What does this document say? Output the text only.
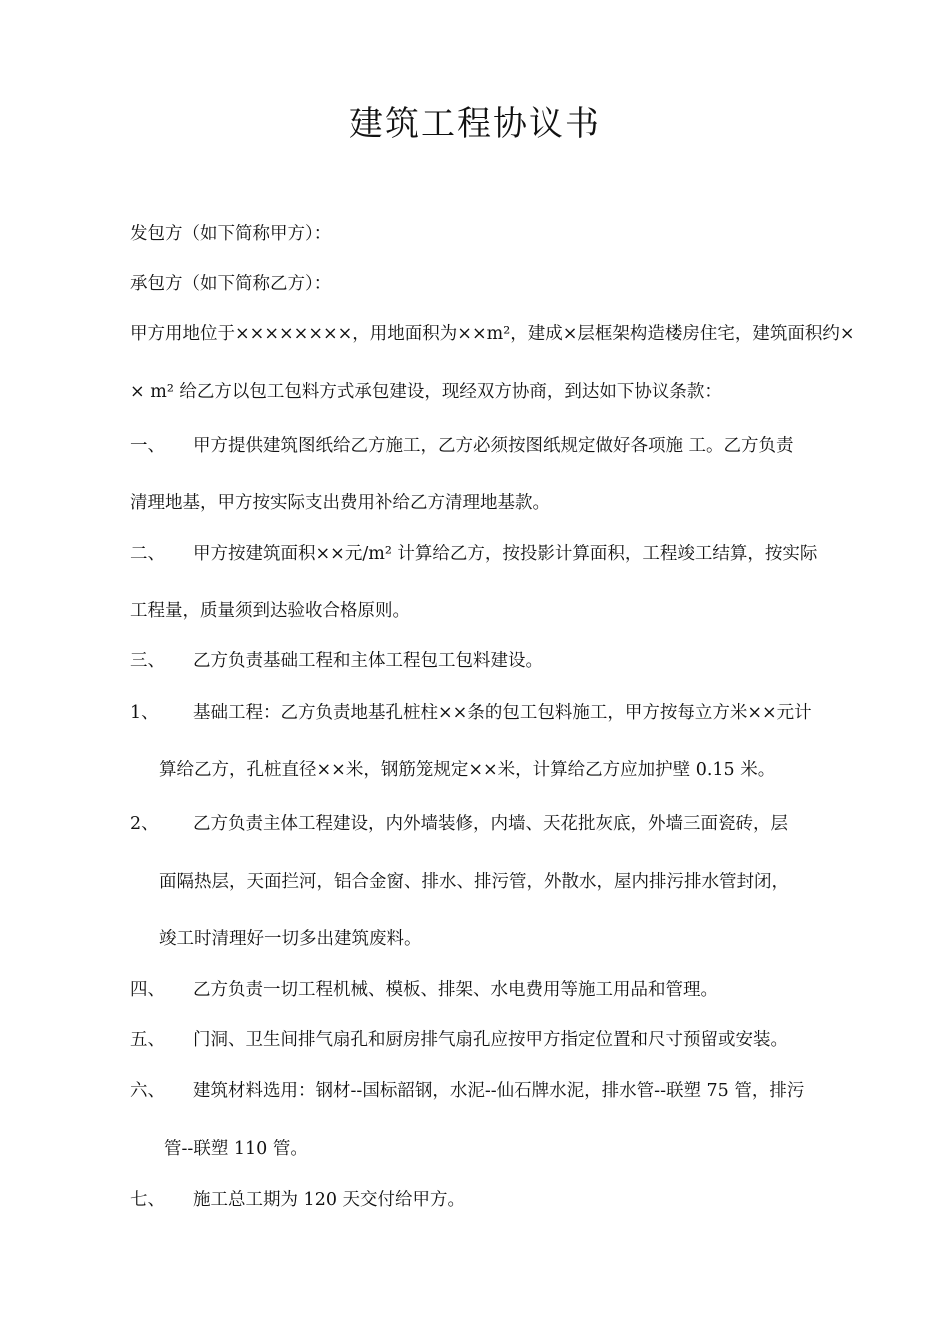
建筑工程协议书

发包方（如下简称甲方）：

承包方（如下简称乙方）：

甲方用地位于××××××××，用地面积为××m²，建成×层框架构造楼房住宅，建筑面积约×

× m² 给乙方以包工包料方式承包建设，现经双方协商，到达如下协议条款：

一、 甲方提供建筑图纸给乙方施工，乙方必须按图纸规定做好各项施 工。乙方负责

清理地基，甲方按实际支出费用补给乙方清理地基款。

二、 甲方按建筑面积××元/m² 计算给乙方，按投影计算面积，工程竣工结算，按实际

工程量，质量须到达验收合格原则。

三、 乙方负责基础工程和主体工程包工包料建设。
1、 基础工程：乙方负责地基孔桩柱××条的包工包料施工，甲方按每立方米××元计

算给乙方，孔桩直径××米，钢筋笼规定××米，计算给乙方应加护壁 0.15 米。

2、 乙方负责主体工程建设，内外墙装修，内墙、天花批灰底，外墙三面瓷砖，层

面隔热层，天面拦河，铝合金窗、排水、排污管，外散水，屋内排污排水管封闭，

竣工时清理好一切多出建筑废料。

四、 乙方负责一切工程机械、模板、排架、水电费用等施工用品和管理。
五、 门洞、卫生间排气扇孔和厨房排气扇孔应按甲方指定位置和尺寸预留或安装。
六、 建筑材料选用：钢材--国标韶钢，水泥--仙石牌水泥，排水管--联塑 75 管，排污

管--联塑 110 管。

七、 施工总工期为 120 天交付给甲方。
